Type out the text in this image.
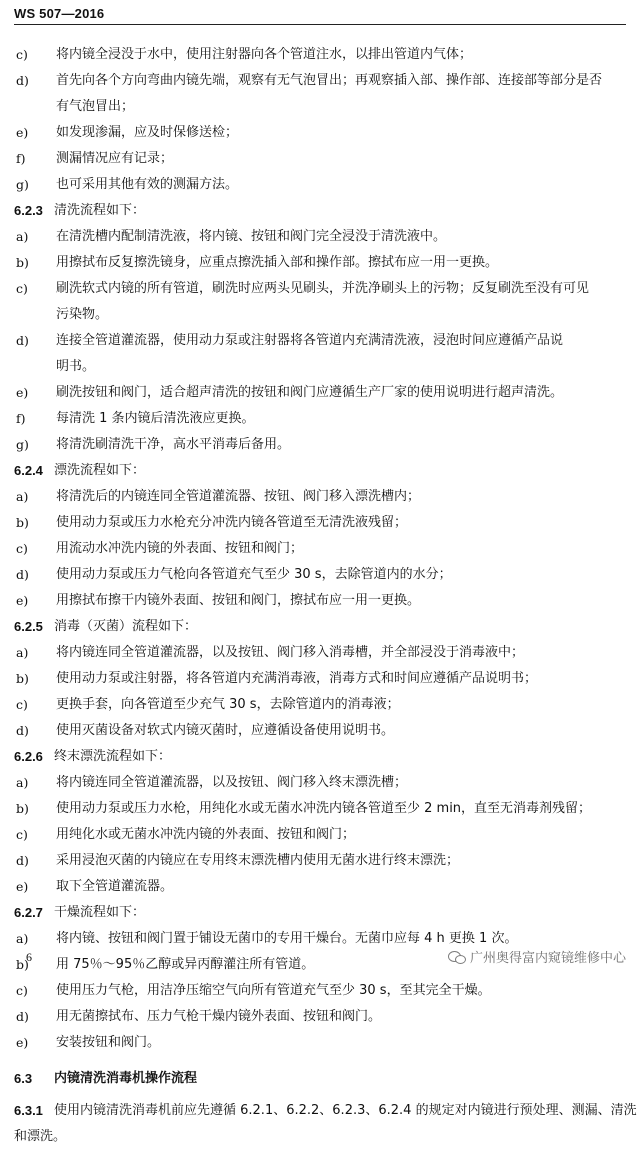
WS 507—2016
c)	将内镜全浸没于水中，使用注射器向各个管道注水，以排出管道内气体；
d)	首先向各个方向弯曲内镜先端，观察有无气泡冒出；再观察插入部、操作部、连接部等部分是否
有气泡冒出；
e)	如发现渗漏，应及时保修送检；
f)	测漏情况应有记录；
g)	也可采用其他有效的测漏方法。
6.2.3 清洗流程如下：
a)	在清洗槽内配制清洗液，将内镜、按钮和阀门完全浸没于清洗液中。
b)	用擦拭布反复擦洗镜身，应重点擦洗插入部和操作部。擦拭布应一用一更换。
c)	刷洗软式内镜的所有管道，刷洗时应两头见刷头，并洗净刷头上的污物；反复刷洗至没有可见
污染物。
d)	连接全管道灌流器，使用动力泵或注射器将各管道内充满清洗液，浸泡时间应遵循产品说
明书。
e)	刷洗按钮和阀门，适合超声清洗的按钮和阀门应遵循生产厂家的使用说明进行超声清洗。
f)	每清洗 1 条内镜后清洗液应更换。
g)	将清洗刷清洗干净，高水平消毒后备用。
6.2.4 漂洗流程如下：
a)	将清洗后的内镜连同全管道灌流器、按钮、阀门移入漂洗槽内；
b)	使用动力泵或压力水枪充分冲洗内镜各管道至无清洗液残留；
c)	用流动水冲洗内镜的外表面、按钮和阀门；
d)	使用动力泵或压力气枪向各管道充气至少 30 s，去除管道内的水分；
e)	用擦拭布擦干内镜外表面、按钮和阀门，擦拭布应一用一更换。
6.2.5 消毒（灭菌）流程如下：
a)	将内镜连同全管道灌流器，以及按钮、阀门移入消毒槽，并全部浸没于消毒液中；
b)	使用动力泵或注射器，将各管道内充满消毒液，消毒方式和时间应遵循产品说明书；
c)	更换手套，向各管道至少充气 30 s，去除管道内的消毒液；
d)	使用灭菌设备对软式内镜灭菌时，应遵循设备使用说明书。
6.2.6 终末漂洗流程如下：
a)	将内镜连同全管道灌流器，以及按钮、阀门移入终末漂洗槽；
b)	使用动力泵或压力水枪，用纯化水或无菌水冲洗内镜各管道至少 2 min，直至无消毒剂残留；
c)	用纯化水或无菌水冲洗内镜的外表面、按钮和阀门；
d)	采用浸泡灭菌的内镜应在专用终末漂洗槽内使用无菌水进行终末漂洗；
e)	取下全管道灌流器。
6.2.7 干燥流程如下：
a)	将内镜、按钮和阀门置于铺设无菌巾的专用干燥台。无菌巾应每 4 h 更换 1 次。
b)	用 75％～95％乙醇或异丙醇灌注所有管道。
c)	使用压力气枪，用洁净压缩空气向所有管道充气至少 30 s，至其完全干燥。
d)	用无菌擦拭布、压力气枪干燥内镜外表面、按钮和阀门。
e)	安装按钮和阀门。
6.3	内镜清洗消毒机操作流程
6.3.1 使用内镜清洗消毒机前应先遵循 6.2.1、6.2.2、6.2.3、6.2.4 的规定对内镜进行预处理、测漏、清洗
和漂洗。
6	广州奥得富内窥镜维修中心
